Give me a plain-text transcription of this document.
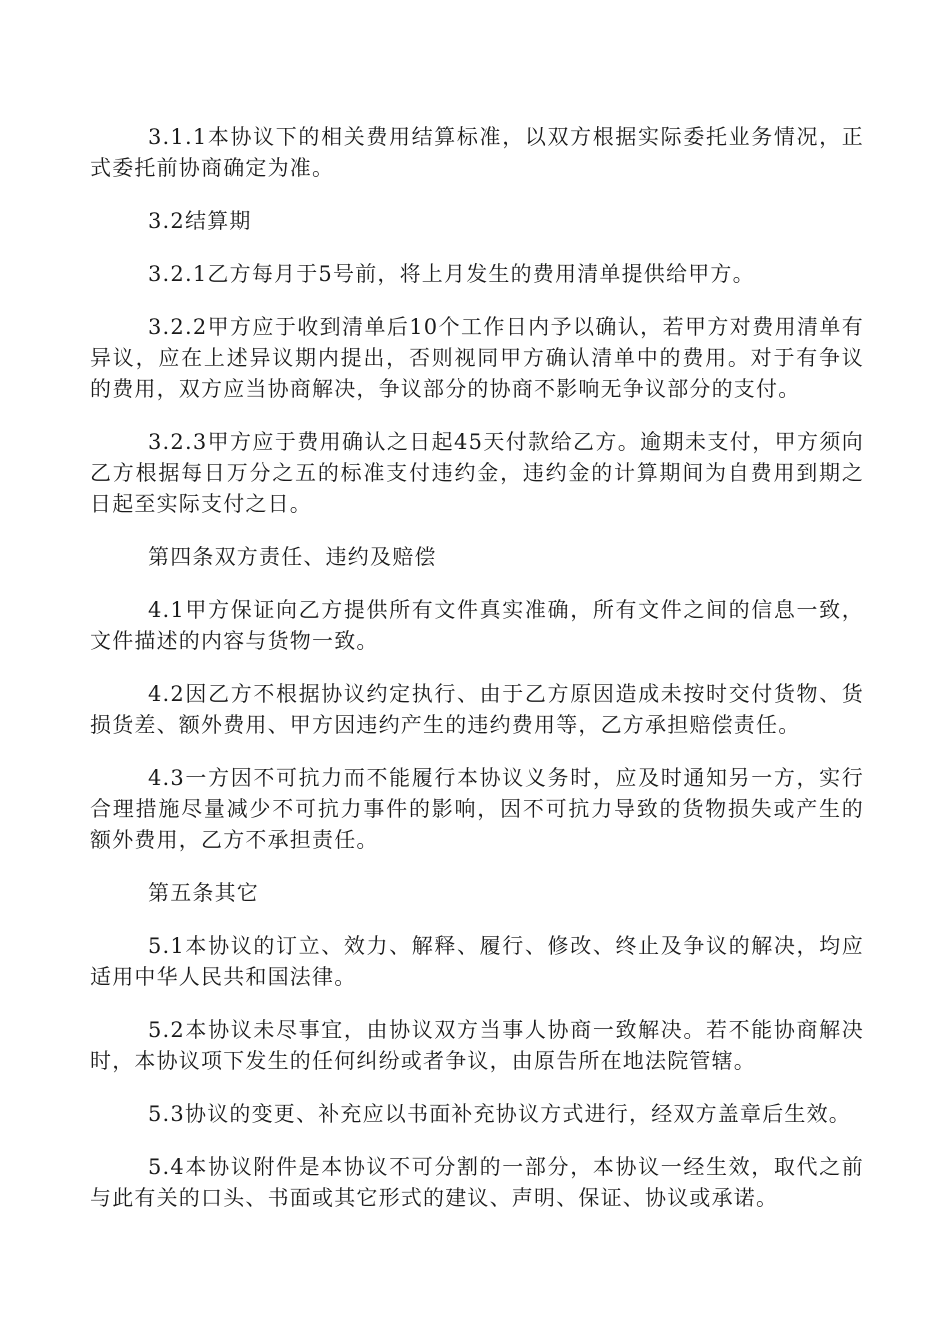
3.1.1本协议下的相关费用结算标准，以双方根据实际委托业务情况，正式委托前协商确定为准。

3.2结算期

3.2.1乙方每月于5号前，将上月发生的费用清单提供给甲方。

3.2.2甲方应于收到清单后10个工作日内予以确认，若甲方对费用清单有异议，应在上述异议期内提出，否则视同甲方确认清单中的费用。对于有争议的费用，双方应当协商解决，争议部分的协商不影响无争议部分的支付。

3.2.3甲方应于费用确认之日起45天付款给乙方。逾期未支付，甲方须向乙方根据每日万分之五的标准支付违约金，违约金的计算期间为自费用到期之日起至实际支付之日。

第四条双方责任、违约及赔偿

4.1甲方保证向乙方提供所有文件真实准确，所有文件之间的信息一致，文件描述的内容与货物一致。

4.2因乙方不根据协议约定执行、由于乙方原因造成未按时交付货物、货损货差、额外费用、甲方因违约产生的违约费用等，乙方承担赔偿责任。

4.3一方因不可抗力而不能履行本协议义务时，应及时通知另一方，实行合理措施尽量减少不可抗力事件的影响，因不可抗力导致的货物损失或产生的额外费用，乙方不承担责任。

第五条其它

5.1本协议的订立、效力、解释、履行、修改、终止及争议的解决，均应适用中华人民共和国法律。

5.2本协议未尽事宜，由协议双方当事人协商一致解决。若不能协商解决时，本协议项下发生的任何纠纷或者争议，由原告所在地法院管辖。

5.3协议的变更、补充应以书面补充协议方式进行，经双方盖章后生效。

5.4本协议附件是本协议不可分割的一部分，本协议一经生效，取代之前与此有关的口头、书面或其它形式的建议、声明、保证、协议或承诺。
